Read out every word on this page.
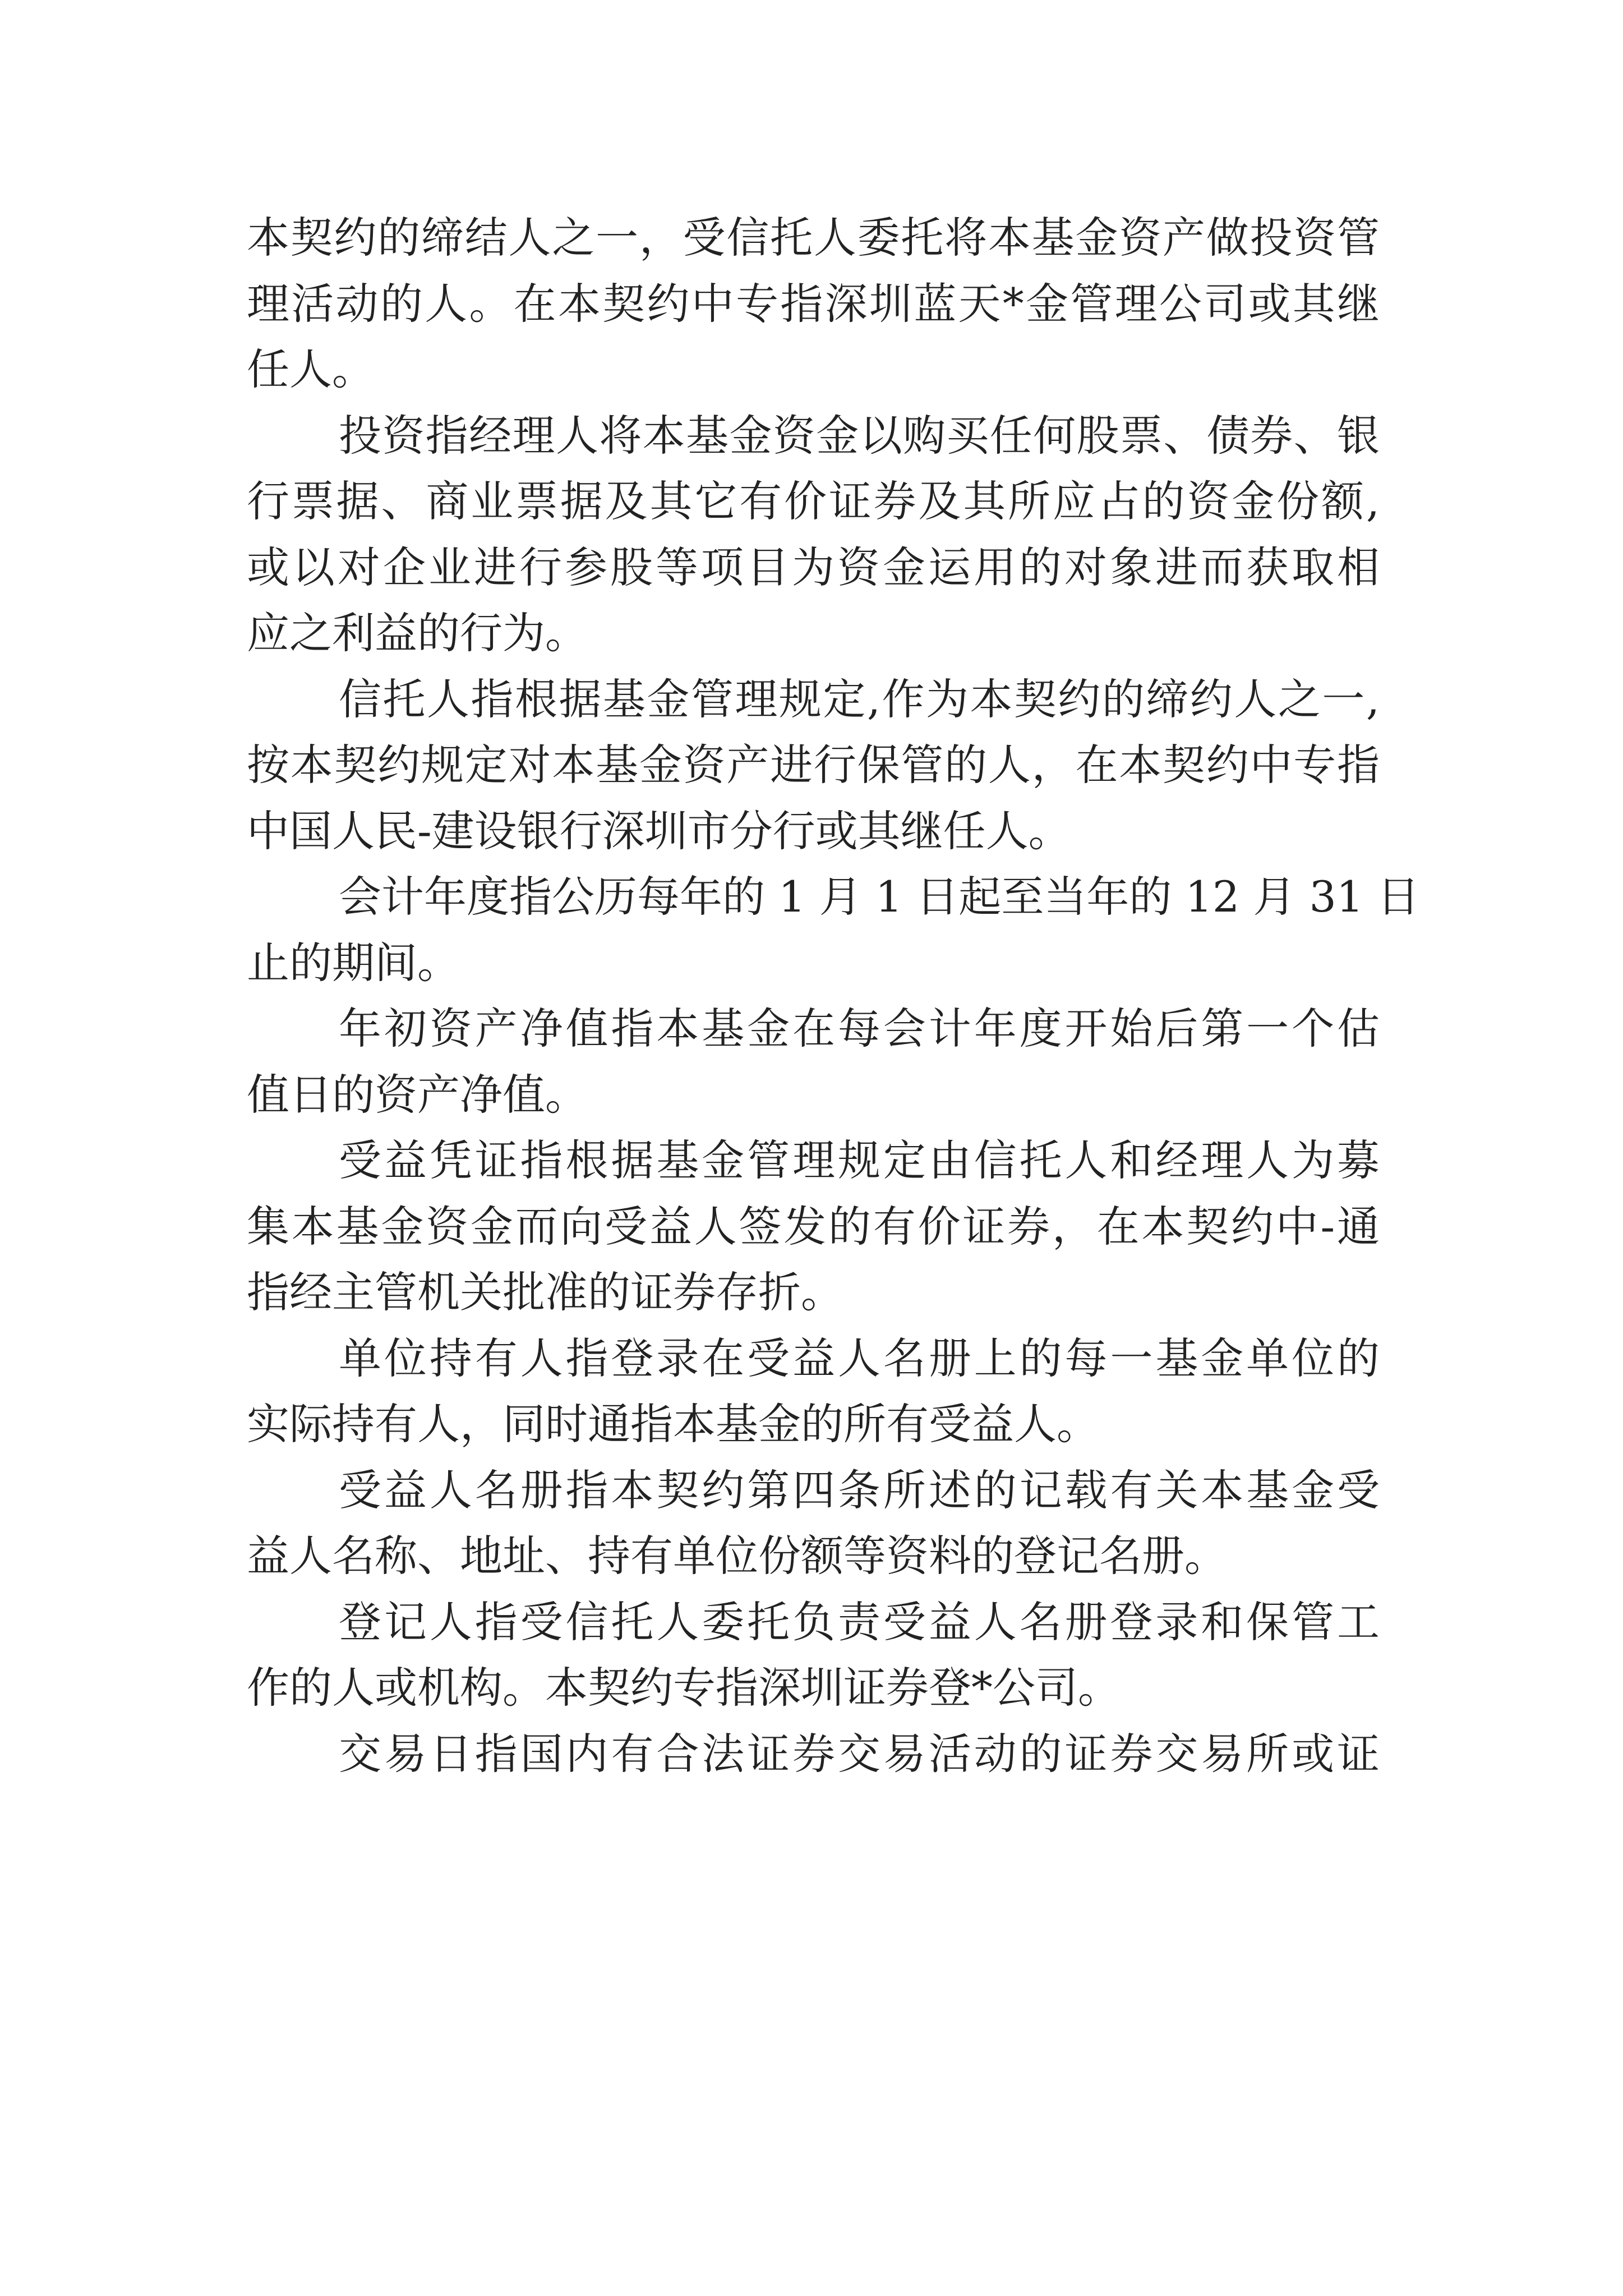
本契约的缔结人之一，受信托人委托将本基金资产做投资管
理活动的人。在本契约中专指深圳蓝天*金管理公司或其继
任人。

投资指经理人将本基金资金以购买任何股票、债券、银
行票据、商业票据及其它有价证券及其所应占的资金份额,
或以对企业进行参股等项目为资金运用的对象进而获取相
应之利益的行为。

信托人指根据基金管理规定,作为本契约的缔约人之一,
按本契约规定对本基金资产进行保管的人，在本契约中专指
中国人民-建设银行深圳市分行或其继任人。

会计年度指公历每年的 1 月 1 日起至当年的 12 月 31 日
止的期间。

年初资产净值指本基金在每会计年度开始后第一个估
值日的资产净值。

受益凭证指根据基金管理规定由信托人和经理人为募
集本基金资金而向受益人签发的有价证券，在本契约中-通
指经主管机关批准的证券存折。

单位持有人指登录在受益人名册上的每一基金单位的
实际持有人，同时通指本基金的所有受益人。

受益人名册指本契约第四条所述的记载有关本基金受
益人名称、地址、持有单位份额等资料的登记名册。

登记人指受信托人委托负责受益人名册登录和保管工
作的人或机构。本契约专指深圳证券登*公司。

交易日指国内有合法证券交易活动的证券交易所或证
